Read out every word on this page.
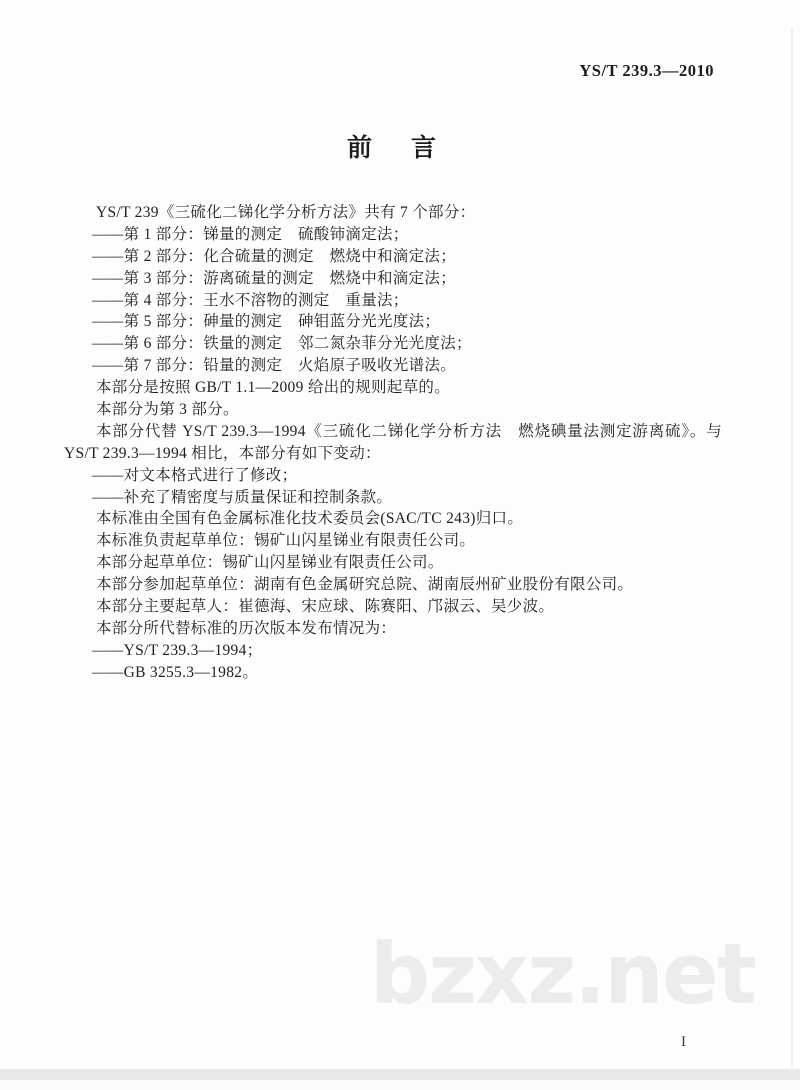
YS/T 239.3—2010
前言
YS/T 239《三硫化二锑化学分析方法》共有 7 个部分：
——第 1 部分：锑量的测定　硫酸铈滴定法；
——第 2 部分：化合硫量的测定　燃烧中和滴定法；
——第 3 部分：游离硫量的测定　燃烧中和滴定法；
——第 4 部分：王水不溶物的测定　重量法；
——第 5 部分：砷量的测定　砷钼蓝分光光度法；
——第 6 部分：铁量的测定　邻二氮杂菲分光光度法；
——第 7 部分：铅量的测定　火焰原子吸收光谱法。
本部分是按照 GB/T 1.1—2009 给出的规则起草的。
本部分为第 3 部分。
本部分代替 YS/T 239.3—1994《三硫化二锑化学分析方法　燃烧碘量法测定游离硫》。与
YS/T 239.3—1994 相比，本部分有如下变动：
——对文本格式进行了修改；
——补充了精密度与质量保证和控制条款。
本标准由全国有色金属标准化技术委员会(SAC/TC 243)归口。
本标准负责起草单位：锡矿山闪星锑业有限责任公司。
本部分起草单位：锡矿山闪星锑业有限责任公司。
本部分参加起草单位：湖南有色金属研究总院、湖南辰州矿业股份有限公司。
本部分主要起草人：崔德海、宋应球、陈赛阳、邝淑云、吴少波。
本部分所代替标准的历次版本发布情况为：
——YS/T 239.3—1994；
——GB 3255.3—1982。
bzxz.net
I
